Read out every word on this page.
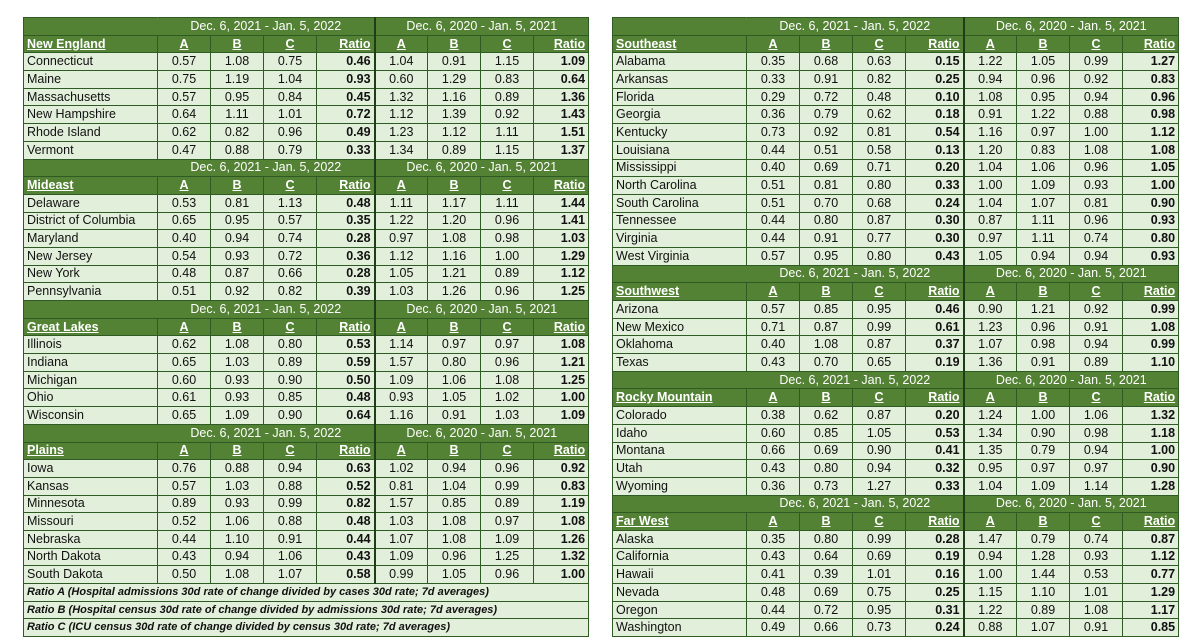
	Dec. 6, 2021 - Jan. 5, 2022				Dec. 6, 2020 - Jan. 5, 2021			
New England	A	B	C	Ratio	A	B	C	Ratio
Connecticut	0.57	1.08	0.75	0.46	1.04	0.91	1.15	1.09
Maine	0.75	1.19	1.04	0.93	0.60	1.29	0.83	0.64
Massachusetts	0.57	0.95	0.84	0.45	1.32	1.16	0.89	1.36
New Hampshire	0.64	1.11	1.01	0.72	1.12	1.39	0.92	1.43
Rhode Island	0.62	0.82	0.96	0.49	1.23	1.12	1.11	1.51
Vermont	0.47	0.88	0.79	0.33	1.34	0.89	1.15	1.37
	Dec. 6, 2021 - Jan. 5, 2022				Dec. 6, 2020 - Jan. 5, 2021			
Mideast	A	B	C	Ratio	A	B	C	Ratio
Delaware	0.53	0.81	1.13	0.48	1.11	1.17	1.11	1.44
District of Columbia	0.65	0.95	0.57	0.35	1.22	1.20	0.96	1.41
Maryland	0.40	0.94	0.74	0.28	0.97	1.08	0.98	1.03
New Jersey	0.54	0.93	0.72	0.36	1.12	1.16	1.00	1.29
New York	0.48	0.87	0.66	0.28	1.05	1.21	0.89	1.12
Pennsylvania	0.51	0.92	0.82	0.39	1.03	1.26	0.96	1.25
	Dec. 6, 2021 - Jan. 5, 2022				Dec. 6, 2020 - Jan. 5, 2021			
Great Lakes	A	B	C	Ratio	A	B	C	Ratio
Illinois	0.62	1.08	0.80	0.53	1.14	0.97	0.97	1.08
Indiana	0.65	1.03	0.89	0.59	1.57	0.80	0.96	1.21
Michigan	0.60	0.93	0.90	0.50	1.09	1.06	1.08	1.25
Ohio	0.61	0.93	0.85	0.48	0.93	1.05	1.02	1.00
Wisconsin	0.65	1.09	0.90	0.64	1.16	0.91	1.03	1.09
	Dec. 6, 2021 - Jan. 5, 2022				Dec. 6, 2020 - Jan. 5, 2021			
Plains	A	B	C	Ratio	A	B	C	Ratio
Iowa	0.76	0.88	0.94	0.63	1.02	0.94	0.96	0.92
Kansas	0.57	1.03	0.88	0.52	0.81	1.04	0.99	0.83
Minnesota	0.89	0.93	0.99	0.82	1.57	0.85	0.89	1.19
Missouri	0.52	1.06	0.88	0.48	1.03	1.08	0.97	1.08
Nebraska	0.44	1.10	0.91	0.44	1.07	1.08	1.09	1.26
North Dakota	0.43	0.94	1.06	0.43	1.09	0.96	1.25	1.32
South Dakota	0.50	1.08	1.07	0.58	0.99	1.05	0.96	1.00
Ratio A (Hospital admissions 30d rate of change divided by cases 30d rate; 7d averages)								
Ratio B (Hospital census 30d rate of change divided by admissions 30d rate; 7d averages)								
Ratio C (ICU census 30d rate of change divided by census 30d rate; 7d averages)								
	Dec. 6, 2021 - Jan. 5, 2022				Dec. 6, 2020 - Jan. 5, 2021			
Southeast	A	B	C	Ratio	A	B	C	Ratio
Alabama	0.35	0.68	0.63	0.15	1.22	1.05	0.99	1.27
Arkansas	0.33	0.91	0.82	0.25	0.94	0.96	0.92	0.83
Florida	0.29	0.72	0.48	0.10	1.08	0.95	0.94	0.96
Georgia	0.36	0.79	0.62	0.18	0.91	1.22	0.88	0.98
Kentucky	0.73	0.92	0.81	0.54	1.16	0.97	1.00	1.12
Louisiana	0.44	0.51	0.58	0.13	1.20	0.83	1.08	1.08
Mississippi	0.40	0.69	0.71	0.20	1.04	1.06	0.96	1.05
North Carolina	0.51	0.81	0.80	0.33	1.00	1.09	0.93	1.00
South Carolina	0.51	0.70	0.68	0.24	1.04	1.07	0.81	0.90
Tennessee	0.44	0.80	0.87	0.30	0.87	1.11	0.96	0.93
Virginia	0.44	0.91	0.77	0.30	0.97	1.11	0.74	0.80
West Virginia	0.57	0.95	0.80	0.43	1.05	0.94	0.94	0.93
	Dec. 6, 2021 - Jan. 5, 2022				Dec. 6, 2020 - Jan. 5, 2021			
Southwest	A	B	C	Ratio	A	B	C	Ratio
Arizona	0.57	0.85	0.95	0.46	0.90	1.21	0.92	0.99
New Mexico	0.71	0.87	0.99	0.61	1.23	0.96	0.91	1.08
Oklahoma	0.40	1.08	0.87	0.37	1.07	0.98	0.94	0.99
Texas	0.43	0.70	0.65	0.19	1.36	0.91	0.89	1.10
	Dec. 6, 2021 - Jan. 5, 2022				Dec. 6, 2020 - Jan. 5, 2021			
Rocky Mountain	A	B	C	Ratio	A	B	C	Ratio
Colorado	0.38	0.62	0.87	0.20	1.24	1.00	1.06	1.32
Idaho	0.60	0.85	1.05	0.53	1.34	0.90	0.98	1.18
Montana	0.66	0.69	0.90	0.41	1.35	0.79	0.94	1.00
Utah	0.43	0.80	0.94	0.32	0.95	0.97	0.97	0.90
Wyoming	0.36	0.73	1.27	0.33	1.04	1.09	1.14	1.28
	Dec. 6, 2021 - Jan. 5, 2022				Dec. 6, 2020 - Jan. 5, 2021			
Far West	A	B	C	Ratio	A	B	C	Ratio
Alaska	0.35	0.80	0.99	0.28	1.47	0.79	0.74	0.87
California	0.43	0.64	0.69	0.19	0.94	1.28	0.93	1.12
Hawaii	0.41	0.39	1.01	0.16	1.00	1.44	0.53	0.77
Nevada	0.48	0.69	0.75	0.25	1.15	1.10	1.01	1.29
Oregon	0.44	0.72	0.95	0.31	1.22	0.89	1.08	1.17
Washington	0.49	0.66	0.73	0.24	0.88	1.07	0.91	0.85
